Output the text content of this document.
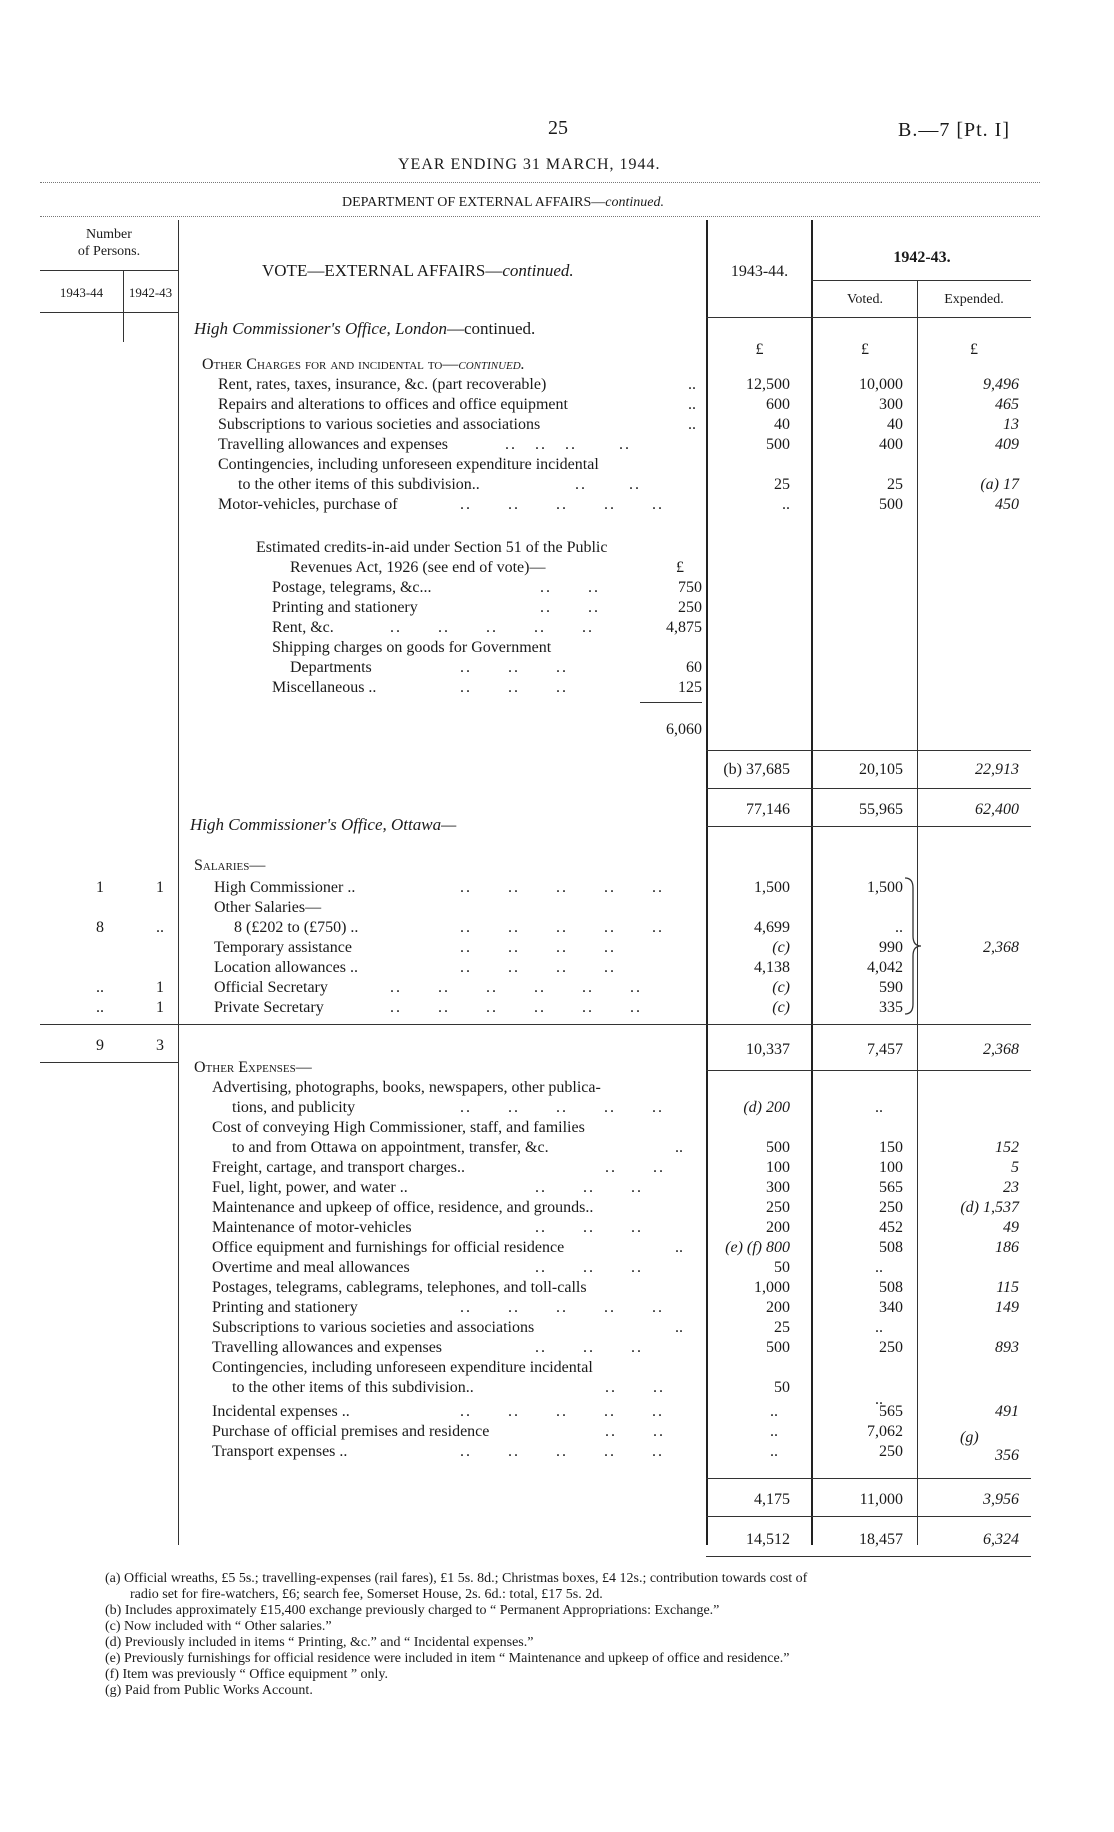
25	B.—7 [Pt. I]
YEAR ENDING 31 MARCH, 1944.
DEPARTMENT OF EXTERNAL AFFAIRS—continued.
Number
of Persons.
1943-44	1942-43
VOTE—EXTERNAL AFFAIRS—continued.	1943-44.
1942-43.
Voted.	Expended.
High Commissioner's Office, London—continued.
£	£	£
Other Charges for and incidental to—continued.
Rent, rates, taxes, insurance, &c. (part recoverable)	..	12,500	10,000	9,496
Repairs and alterations to offices and office equipment	..	600	300	465
Subscriptions to various societies and associations	..	40	40	13
Travelling allowances and expenses	..   ..   ..       ..	500	400	409
Contingencies, including unforeseen expenditure incidental
to the other items of this subdivision..	..       ..	25	25	(a) 17
Motor-vehicles, purchase of	..      ..      ..      ..      ..	..	500	450
Estimated credits-in-aid under Section 51 of the Public
Revenues Act, 1926 (see end of vote)—	£
Postage, telegrams, &c...	..      ..	750
Printing and stationery	..      ..	250
Rent, &c.	..      ..      ..      ..      ..	4,875
Shipping charges on goods for Government
Departments	..      ..      ..	60
Miscellaneous ..	..      ..      ..	125
6,060
(b) 37,685	20,105	22,913
77,146	55,965	62,400
High Commissioner's Office, Ottawa—
Salaries—
1	1	High Commissioner ..	..      ..      ..      ..      ..	1,500	1,500
Other Salaries—
8	..	8 (£202 to (£750) ..	..      ..      ..      ..      ..	4,699	..
Temporary assistance	..      ..      ..      ..	(c)	990
Location allowances ..	..      ..      ..      ..	4,138	4,042
..	1	Official Secretary	..      ..      ..      ..      ..      ..	(c)	590
..	1	Private Secretary	..      ..      ..      ..      ..      ..	(c)	335
2,368
9	3	10,337	7,457	2,368
Other Expenses—
Advertising, photographs, books, newspapers, other publica-
tions, and publicity	..      ..      ..      ..      ..	(d) 200	..
Cost of conveying High Commissioner, staff, and families
to and from Ottawa on appointment, transfer, &c.	..	500	150	152
Freight, cartage, and transport charges..	..      ..	100	100	5
Fuel, light, power, and water ..	..      ..      ..	300	565	23
Maintenance and upkeep of office, residence, and grounds..	250	250	(d) 1,537
Maintenance of motor-vehicles	..      ..      ..	200	452	49
Office equipment and furnishings for official residence	..	(e) (f) 800	508	186
Overtime and meal allowances	..      ..      ..	50	..
Postages, telegrams, cablegrams, telephones, and toll-calls	1,000	508	115
Printing and stationery	..      ..      ..      ..      ..	200	340	149
Subscriptions to various societies and associations	..	25	..
Travelling allowances and expenses	..      ..      ..	500	250	893
Contingencies, including unforeseen expenditure incidental
to the other items of this subdivision..	..      ..	50
..
Incidental expenses ..	..      ..      ..      ..      ..	..	565	491
Purchase of official premises and residence	..      ..	..	7,062	(g)
Transport expenses ..	..      ..      ..      ..      ..	..	250	356
4,175	11,000	3,956
14,512	18,457	6,324
(a) Official wreaths, £5 5s.; travelling-expenses (rail fares), £1 5s. 8d.; Christmas boxes, £4 12s.; contribution towards cost of
radio set for fire-watchers, £6; search fee, Somerset House, 2s. 6d.: total, £17 5s. 2d.
(b) Includes approximately £15,400 exchange previously charged to “ Permanent Appropriations: Exchange.”
(c) Now included with “ Other salaries.”
(d) Previously included in items “ Printing, &c.” and “ Incidental expenses.”
(e) Previously furnishings for official residence were included in item “ Maintenance and upkeep of office and residence.”
(f) Item was previously “ Office equipment ” only.
(g) Paid from Public Works Account.
